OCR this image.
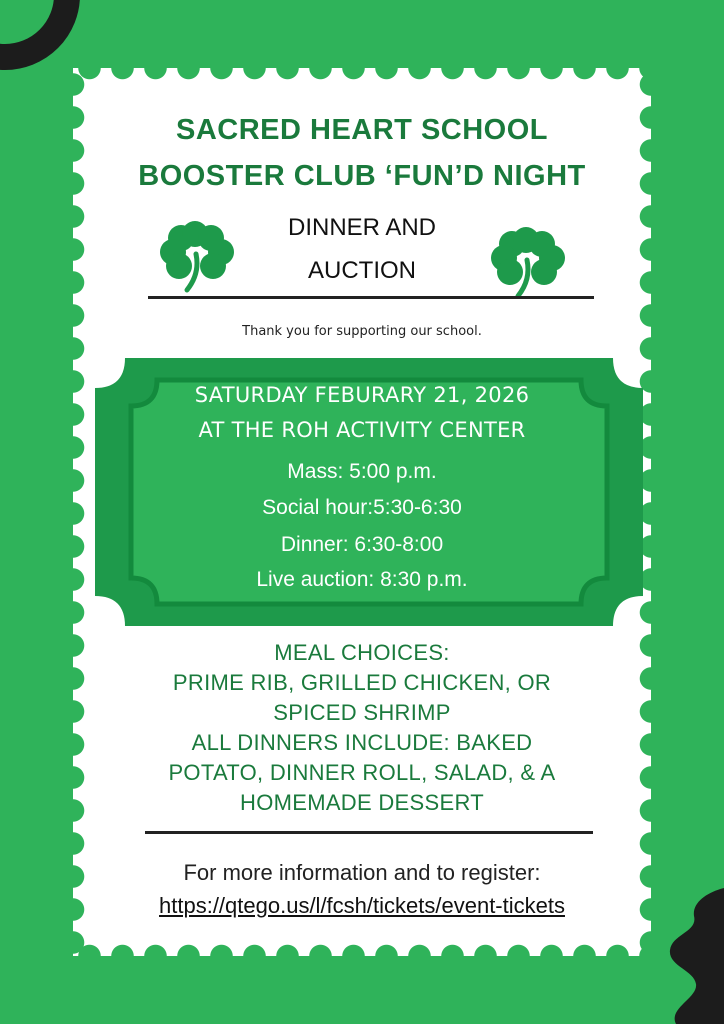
SACRED HEART SCHOOL
BOOSTER CLUB ‘FUN’D NIGHT
DINNER AND
AUCTION
Thank you for supporting our school.
SATURDAY FEBURARY 21, 2026
AT THE ROH ACTIVITY CENTER
Mass: 5:00 p.m.
Social hour:5:30-6:30
Dinner: 6:30-8:00
Live auction: 8:30 p.m.
MEAL CHOICES:
PRIME RIB, GRILLED CHICKEN, OR
SPICED SHRIMP
ALL DINNERS INCLUDE: BAKED
POTATO, DINNER ROLL, SALAD, & A
HOMEMADE DESSERT
For more information and to register:
https://qtego.us/l/fcsh/tickets/event-tickets
